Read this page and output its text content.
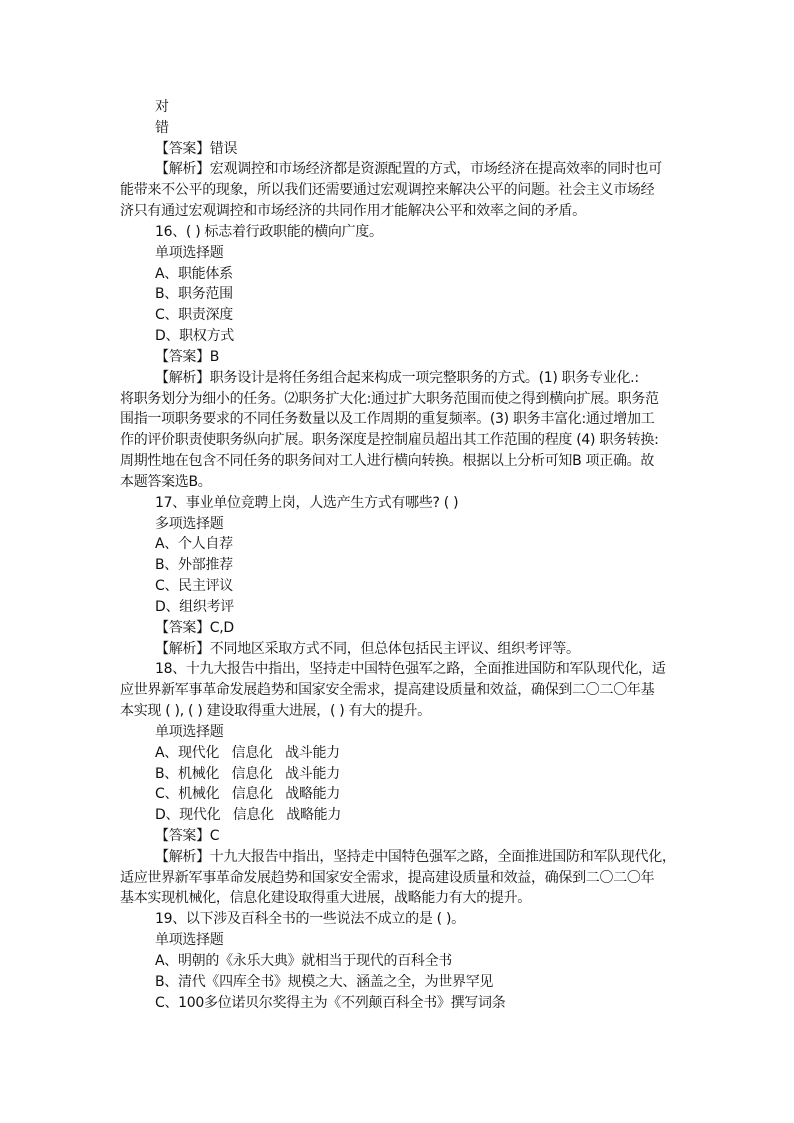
对
错
【答案】错误
【解析】宏观调控和市场经济都是资源配置的方式，市场经济在提高效率的同时也可
能带来不公平的现象，所以我们还需要通过宏观调控来解决公平的问题。社会主义市场经
济只有通过宏观调控和市场经济的共同作用才能解决公平和效率之间的矛盾。
16、( ) 标志着行政职能的横向广度。
单项选择题
A、职能体系
B、职务范围
C、职责深度
D、职权方式
【答案】B
【解析】职务设计是将任务组合起来构成一项完整职务的方式。(1) 职务专业化.:
将职务划分为细小的任务。⑵职务扩大化:通过扩大职务范围而使之得到横向扩展。职务范
围指一项职务要求的不同任务数量以及工作周期的重复频率。(3) 职务丰富化:通过增加工
作的评价职责使职务纵向扩展。职务深度是控制雇员超出其工作范围的程度 (4) 职务转换:
周期性地在包含不同任务的职务间对工人进行横向转换。根据以上分析可知B 项正确。故
本题答案选B。
17、事业单位竞聘上岗，人选产生方式有哪些? ( )
多项选择题
A、个人自荐
B、外部推荐
C、民主评议
D、组织考评
【答案】C,D
【解析】不同地区采取方式不同，但总体包括民主评议、组织考评等。
18、十九大报告中指出，坚持走中国特色强军之路，全面推进国防和军队现代化，适
应世界新军事革命发展趋势和国家安全需求，提高建设质量和效益，确保到二〇二〇年基
本实现 ( ), ( ) 建设取得重大进展，( ) 有大的提升。
单项选择题
A、现代化   信息化   战斗能力
B、机械化   信息化   战斗能力
C、机械化   信息化   战略能力
D、现代化   信息化   战略能力
【答案】C
【解析】十九大报告中指出，坚持走中国特色强军之路，全面推进国防和军队现代化，
适应世界新军事革命发展趋势和国家安全需求，提高建设质量和效益，确保到二〇二〇年
基本实现机械化，信息化建设取得重大进展，战略能力有大的提升。
19、以下涉及百科全书的一些说法不成立的是 ( )。
单项选择题
A、明朝的《永乐大典》就相当于现代的百科全书
B、清代《四库全书》规模之大、涵盖之全，为世界罕见
C、100多位诺贝尔奖得主为《不列颠百科全书》撰写词条
